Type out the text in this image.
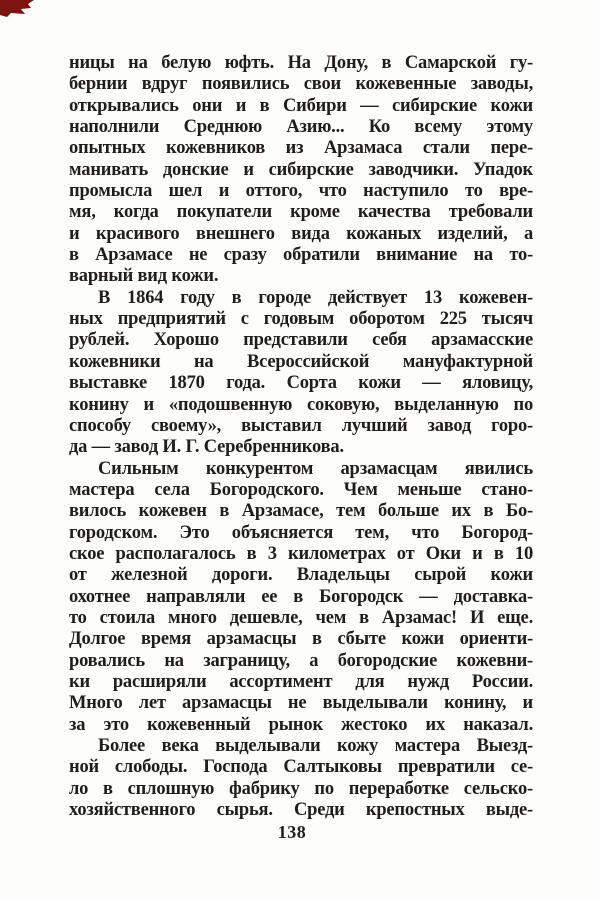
ницы на белую юфть. На Дону, в Самарской гу-
бернии вдруг появились свои кожевенные заводы,
открывались они и в Сибири — сибирские кожи
наполнили Среднюю Азию... Ко всему этому
опытных кожевников из Арзамаса стали пере-
манивать донские и сибирские заводчики. Упадок
промысла шел и оттого, что наступило то вре-
мя, когда покупатели кроме качества требовали
и красивого внешнего вида кожаных изделий, а
в Арзамасе не сразу обратили внимание на то-
варный вид кожи.
В 1864 году в городе действует 13 кожевен-
ных предприятий с годовым оборотом 225 тысяч
рублей. Хорошо представили себя арзамасские
кожевники на Всероссийской мануфактурной
выставке 1870 года. Сорта кожи — яловицу,
конину и «подошвенную соковую, выделанную по
способу своему», выставил лучший завод горо-
да — завод И. Г. Серебренникова.
Сильным конкурентом арзамасцам явились
мастера села Богородского. Чем меньше стано-
вилось кожевен в Арзамасе, тем больше их в Бо-
городском. Это объясняется тем, что Богород-
ское располагалось в 3 километрах от Оки и в 10
от железной дороги. Владельцы сырой кожи
охотнее направляли ее в Богородск — доставка-
то стоила много дешевле, чем в Арзамас! И еще.
Долгое время арзамасцы в сбыте кожи ориенти-
ровались на заграницу, а богородские кожевни-
ки расширяли ассортимент для нужд России.
Много лет арзамасцы не выделывали конину, и
за это кожевенный рынок жестоко их наказал.
Более века выделывали кожу мастера Выезд-
ной слободы. Господа Салтыковы превратили се-
ло в сплошную фабрику по переработке сельско-
хозяйственного сырья. Среди крепостных выде-
138
